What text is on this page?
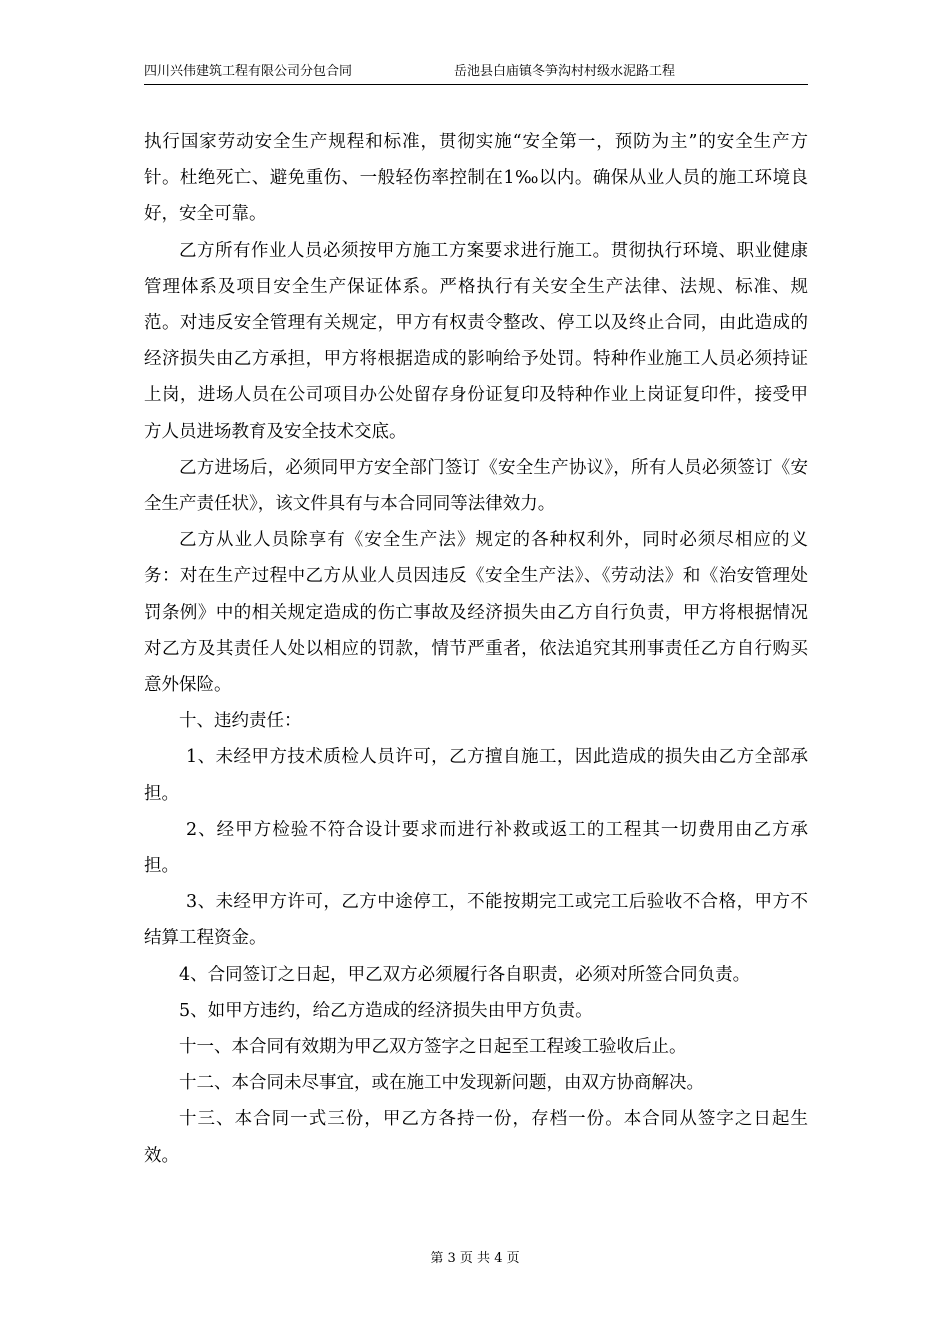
四川兴伟建筑工程有限公司分包合同	岳池县白庙镇冬笋沟村村级水泥路工程

执行国家劳动安全生产规程和标准，贯彻实施“安全第一，预防为主”的安全生产方针。杜绝死亡、避免重伤、一般轻伤率控制在1‰以内。确保从业人员的施工环境良好，安全可靠。

乙方所有作业人员必须按甲方施工方案要求进行施工。贯彻执行环境、职业健康管理体系及项目安全生产保证体系。严格执行有关安全生产法律、法规、标准、规范。对违反安全管理有关规定，甲方有权责令整改、停工以及终止合同，由此造成的经济损失由乙方承担，甲方将根据造成的影响给予处罚。特种作业施工人员必须持证上岗，进场人员在公司项目办公处留存身份证复印及特种作业上岗证复印件，接受甲方人员进场教育及安全技术交底。

乙方进场后，必须同甲方安全部门签订《安全生产协议》，所有人员必须签订《安全生产责任状》，该文件具有与本合同同等法律效力。

乙方从业人员除享有《安全生产法》规定的各种权利外，同时必须尽相应的义务：对在生产过程中乙方从业人员因违反《安全生产法》、《劳动法》和《治安管理处罚条例》中的相关规定造成的伤亡事故及经济损失由乙方自行负责，甲方将根据情况对乙方及其责任人处以相应的罚款，情节严重者，依法追究其刑事责任乙方自行购买意外保险。

十、违约责任：

1、未经甲方技术质检人员许可，乙方擅自施工，因此造成的损失由乙方全部承担。

2、经甲方检验不符合设计要求而进行补救或返工的工程其一切费用由乙方承担。

3、未经甲方许可，乙方中途停工，不能按期完工或完工后验收不合格，甲方不结算工程资金。

4、合同签订之日起，甲乙双方必须履行各自职责，必须对所签合同负责。

5、如甲方违约，给乙方造成的经济损失由甲方负责。

十一、本合同有效期为甲乙双方签字之日起至工程竣工验收后止。

十二、本合同未尽事宜，或在施工中发现新问题，由双方协商解决。

十三、本合同一式三份，甲乙方各持一份，存档一份。本合同从签字之日起生效。

第 3 页 共 4 页
